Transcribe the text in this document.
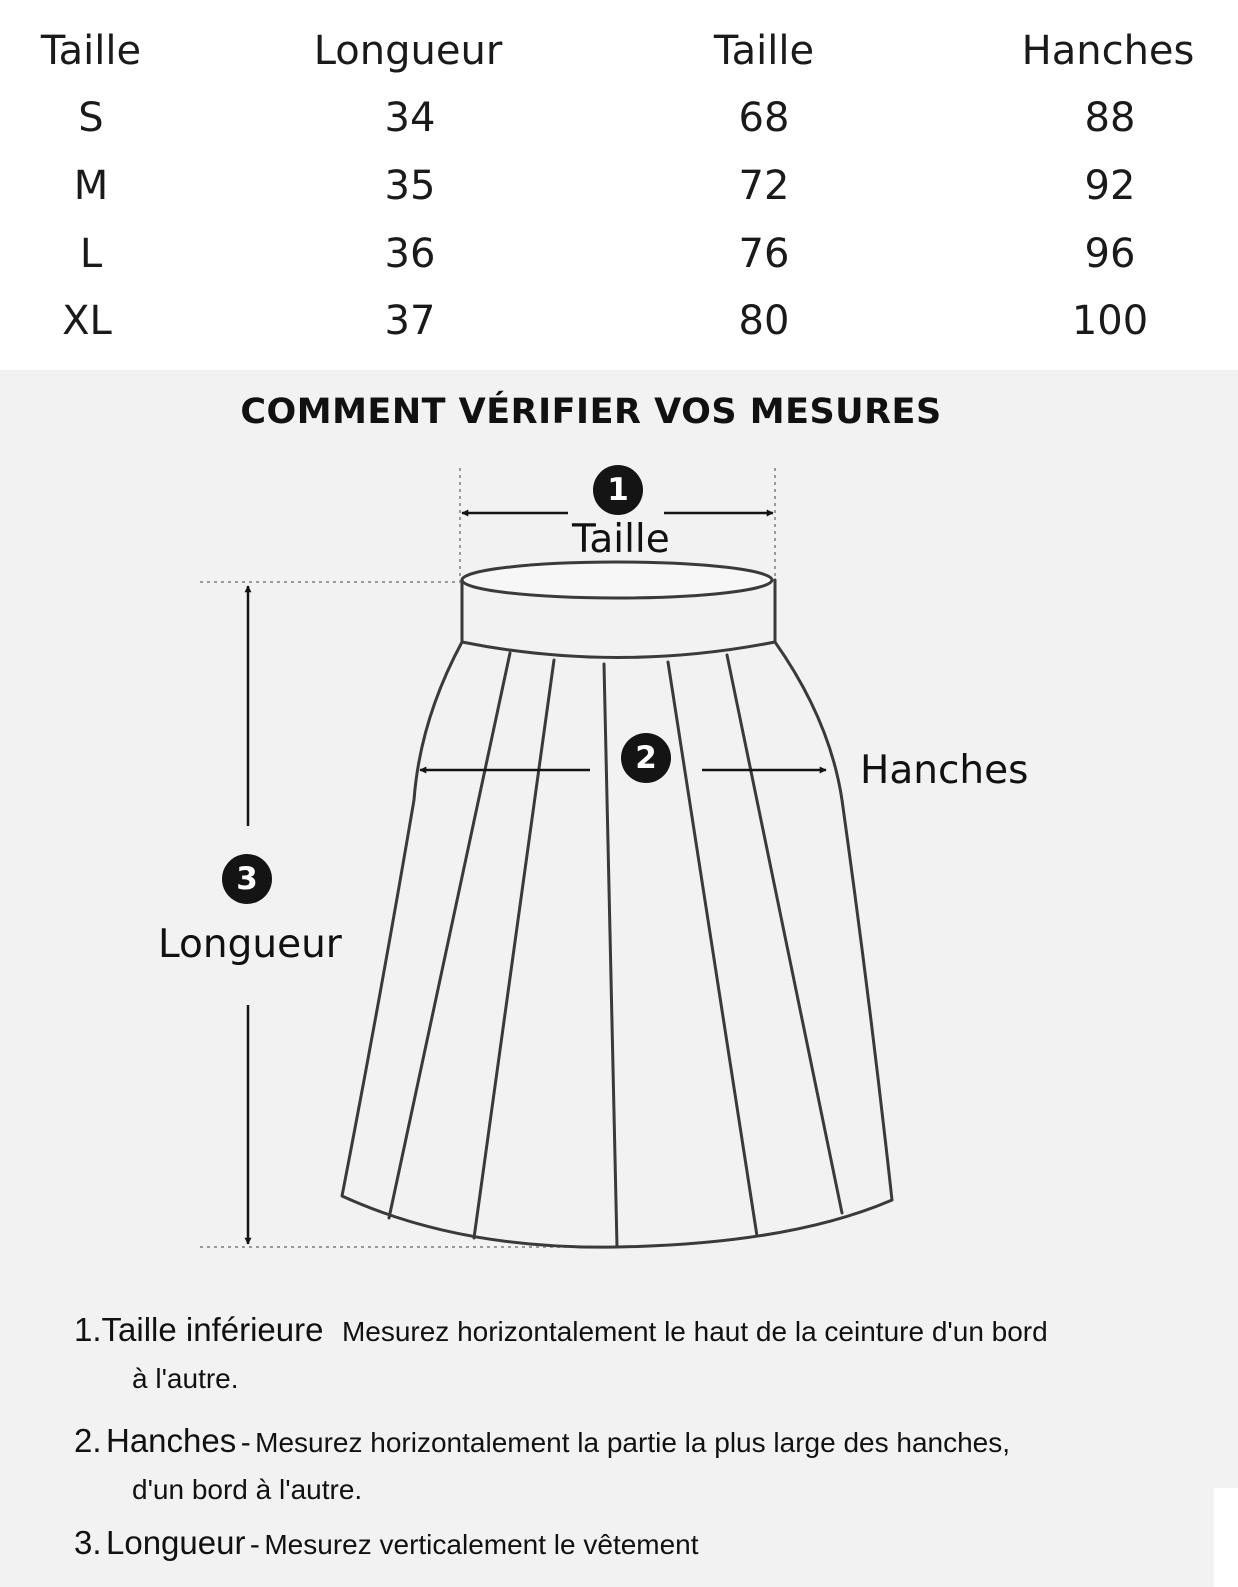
Taille	Longueur	Taille	Hanches
S	34	68	88
M	35	72	92
L	36	76	96
XL	37	80	100
COMMENT VÉRIFIER VOS MESURES
1
Taille
2	Hanches
3
Longueur
1.Taille inférieure Mesurez horizontalement le haut de la ceinture d'un bord
à l'autre.
2. Hanches - Mesurez horizontalement la partie la plus large des hanches,
d'un bord à l'autre.
3. Longueur - Mesurez verticalement le vêtement
